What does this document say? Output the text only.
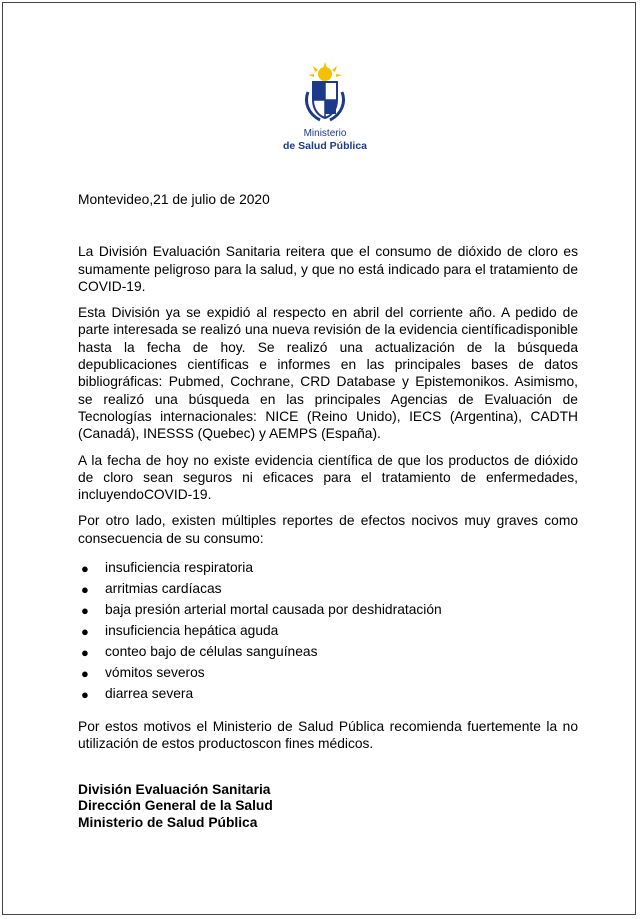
Ministerio
de Salud Pública
Montevideo,21 de julio de 2020

La División Evaluación Sanitaria reitera que el consumo de dióxido de cloro es sumamente peligroso para la salud, y que no está indicado para el tratamiento de COVID-19.

Esta División ya se expidió al respecto en abril del corriente año. A pedido de parte interesada se realizó una nueva revisión de la evidencia científicadisponible hasta la fecha de hoy. Se realizó una actualización de la búsqueda depublicaciones científicas e informes en las principales bases de datos bibliográficas: Pubmed, Cochrane, CRD Database y Epistemonikos. Asimismo, se realizó una búsqueda en las principales Agencias de Evaluación de Tecnologías internacionales: NICE (Reino Unido), IECS (Argentina), CADTH (Canadá), INESSS (Quebec) y AEMPS (España).

A la fecha de hoy no existe evidencia científica de que los productos de dióxido de cloro sean seguros ni eficaces para el tratamiento de enfermedades, incluyendoCOVID-19.

Por otro lado, existen múltiples reportes de efectos nocivos muy graves como consecuencia de su consumo:

● insuficiencia respiratoria
● arritmias cardíacas
● baja presión arterial mortal causada por deshidratación
● insuficiencia hepática aguda
● conteo bajo de células sanguíneas
● vómitos severos
● diarrea severa

Por estos motivos el Ministerio de Salud Pública recomienda fuertemente la no utilización de estos productoscon fines médicos.

División Evaluación Sanitaria
Dirección General de la Salud
Ministerio de Salud Pública
